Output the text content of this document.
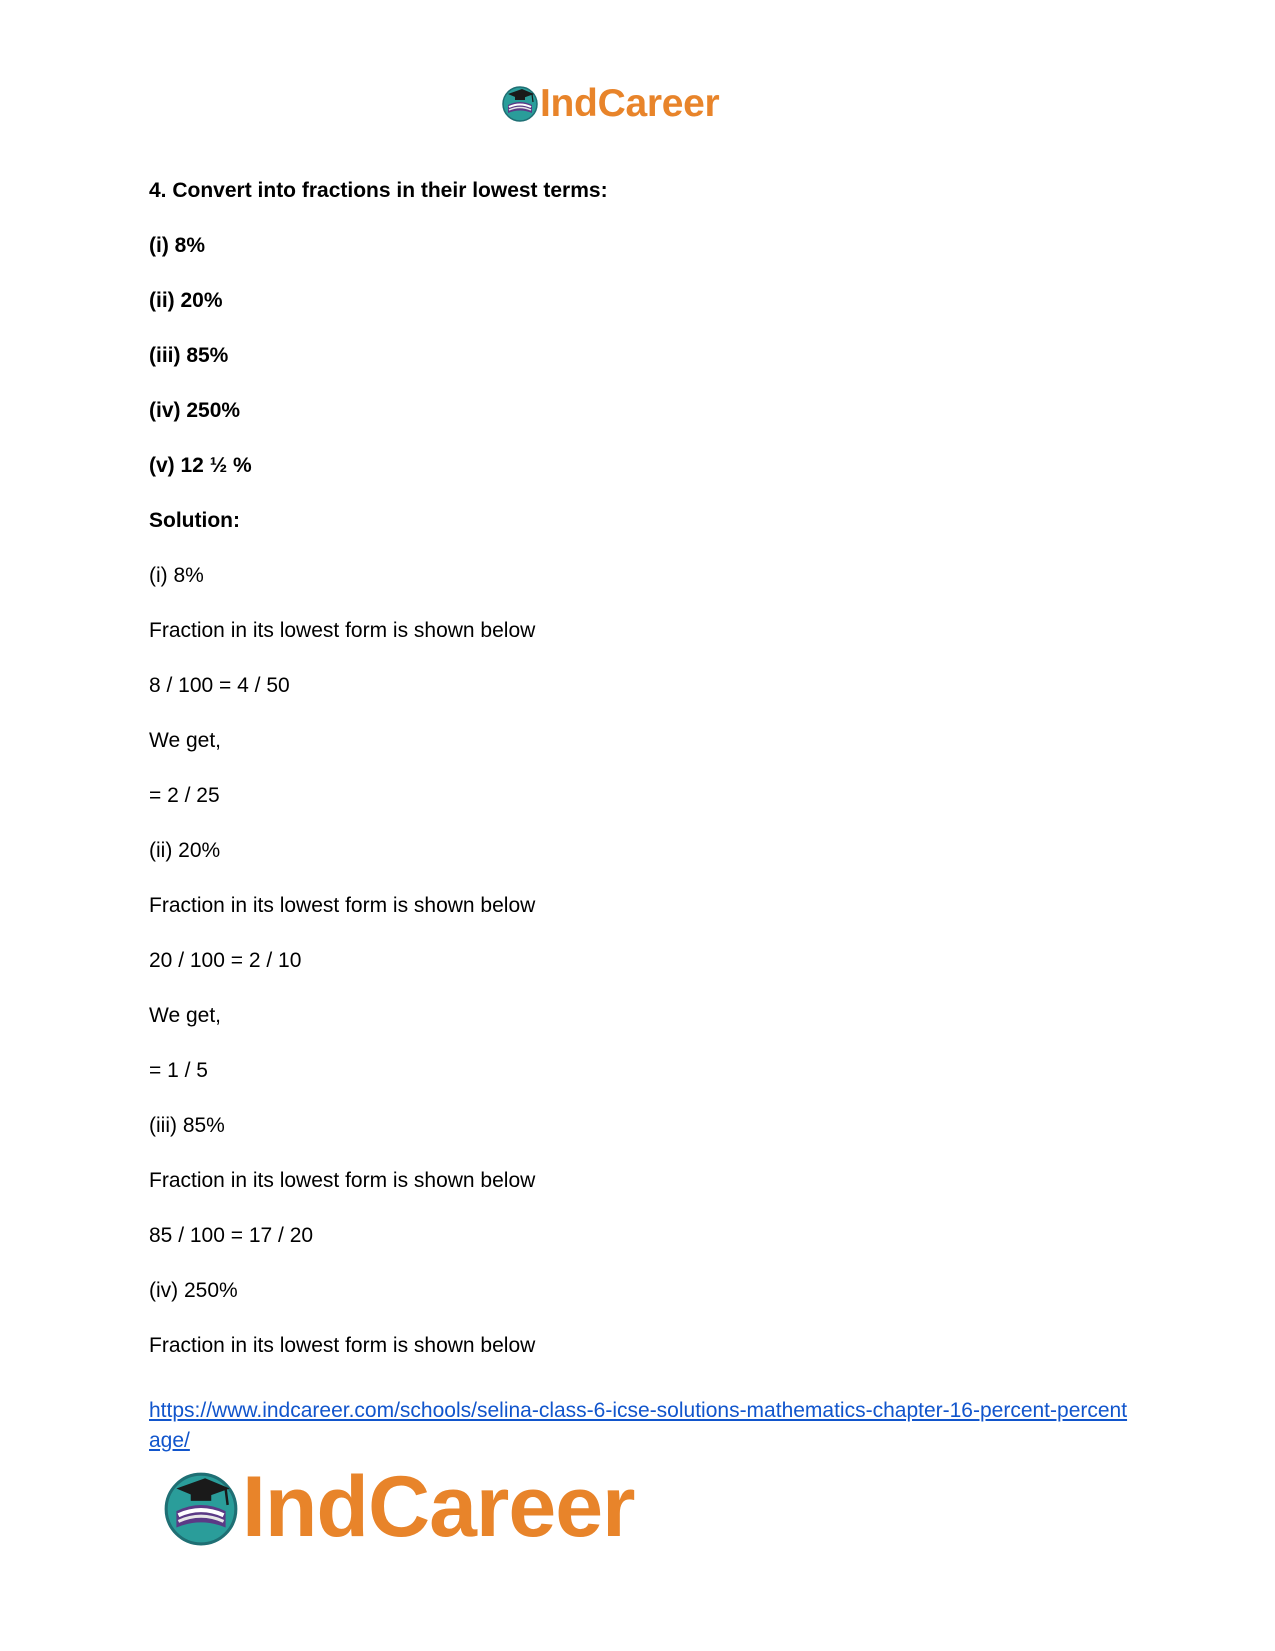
IndCareer
4. Convert into fractions in their lowest terms:
(i) 8%
(ii) 20%
(iii) 85%
(iv) 250%
(v) 12 ½ %
Solution:
(i) 8%
Fraction in its lowest form is shown below
8 / 100 = 4 / 50
We get,
= 2 / 25
(ii) 20%
Fraction in its lowest form is shown below
20 / 100 = 2 / 10
We get,
= 1 / 5
(iii) 85%
Fraction in its lowest form is shown below
85 / 100 = 17 / 20
(iv) 250%
Fraction in its lowest form is shown below
https://www.indcareer.com/schools/selina-class-6-icse-solutions-mathematics-chapter-16-percent-percentage/
IndCareer
